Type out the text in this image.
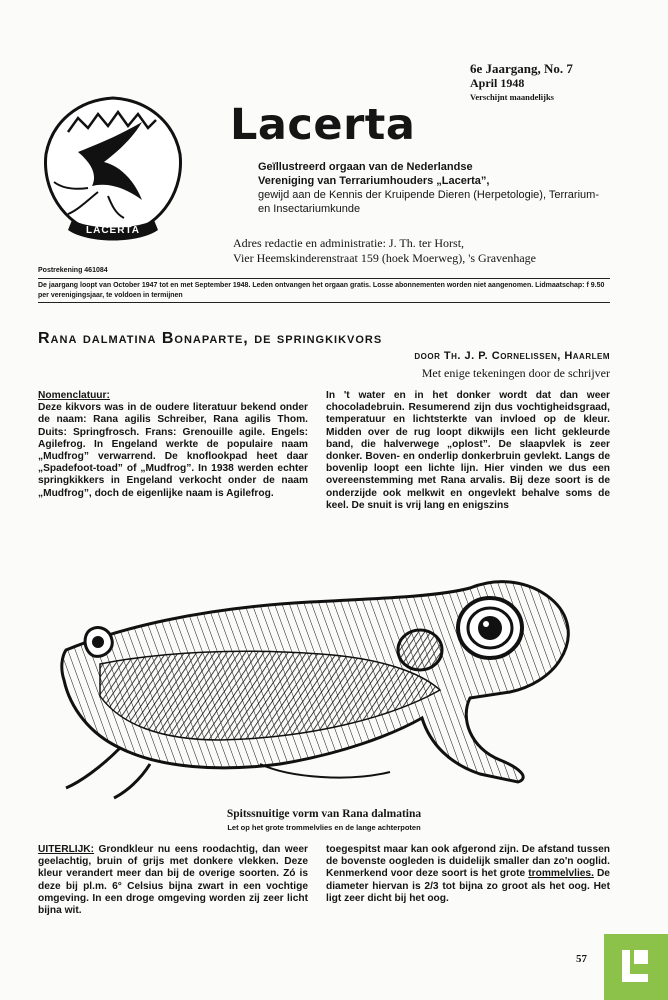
LACERTA
6e Jaargang, No. 7
April 1948
Verschijnt maandelijks
Lacerta
Geïllustreerd orgaan van de Nederlandse
Vereniging van Terrariumhouders „Lacerta”,
gewijd aan de Kennis der Kruipende Dieren (Herpetologie), Terrarium- en Insectariumkunde
Adres redactie en administratie: J. Th. ter Horst,
Vier Heemskinderenstraat 159 (hoek Moerweg), 's Gravenhage
Postrekening 461084
De jaargang loopt van October 1947 tot en met September 1948. Leden ontvangen het orgaan gratis. Losse abonnementen worden niet aangenomen. Lidmaatschap: f 9.50 per verenigingsjaar, te voldoen in termijnen
Rana dalmatina Bonaparte, de springkikvors
door Th. J. P. Cornelissen, Haarlem
Met enige tekeningen door de schrijver

Nomenclatuur:

Deze kikvors was in de oudere literatuur bekend onder de naam: Rana agilis Schreiber, Rana agilis Thom. Duits: Springfrosch. Frans: Grenouille agile. Engels: Agilefrog. In Engeland werkte de populaire naam „Mudfrog” verwarrend. De knoflookpad heet daar „Spadefoot-toad” of „Mudfrog”. In 1938 werden echter springkikkers in Engeland verkocht onder de naam „Mudfrog”, doch de eigenlijke naam is Agilefrog.

In 't water en in het donker wordt dat dan weer chocoladebruin. Resumerend zijn dus vochtigheidsgraad, temperatuur en lichtsterkte van invloed op de kleur. Midden over de rug loopt dikwijls een licht gekleurde band, die halverwege „oplost”. De slaapvlek is zeer donker. Boven- en onderlip donkerbruin gevlekt. Langs de bovenlip loopt een lichte lijn. Hier vinden we dus een overeenstemming met Rana arvalis. Bij deze soort is de onderzijde ook melkwit en ongevlekt behalve soms de keel. De snuit is vrij lang en enigszins

Spitssnuitige vorm van Rana dalmatina
Let op het grote trommelvlies en de lange achterpoten

UITERLIJK: Grondkleur nu eens roodachtig, dan weer geelachtig, bruin of grijs met donkere vlekken. Deze kleur verandert meer dan bij de overige soorten. Zó is deze bij pl.m. 6° Celsius bijna zwart in een vochtige omgeving. In een droge omgeving worden zij zeer licht bijna wit.

toegespitst maar kan ook afgerond zijn. De afstand tussen de bovenste oogleden is duidelijk smaller dan zo'n ooglid. Kenmerkend voor deze soort is het grote trommelvlies. De diameter hiervan is 2/3 tot bijna zo groot als het oog. Het ligt zeer dicht bij het oog.

57
